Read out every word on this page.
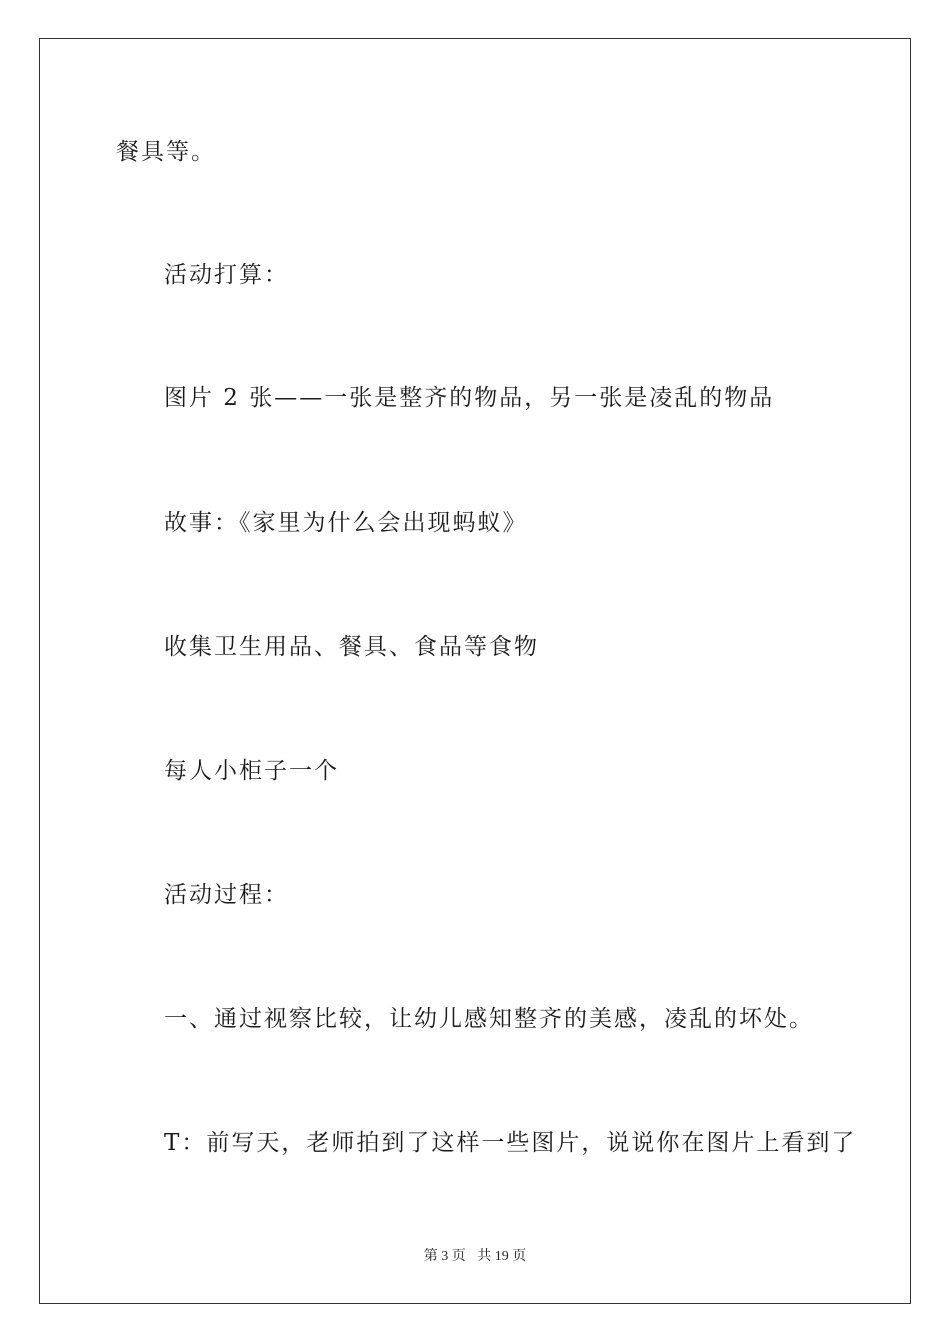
餐具等。
活动打算：
图片 2 张——一张是整齐的物品，另一张是凌乱的物品
故事：《家里为什么会出现蚂蚁》
收集卫生用品、餐具、食品等食物
每人小柜子一个
活动过程：
一、通过视察比较，让幼儿感知整齐的美感，凌乱的坏处。
T：前写天，老师拍到了这样一些图片，说说你在图片上看到了
第 3 页 共 19 页
